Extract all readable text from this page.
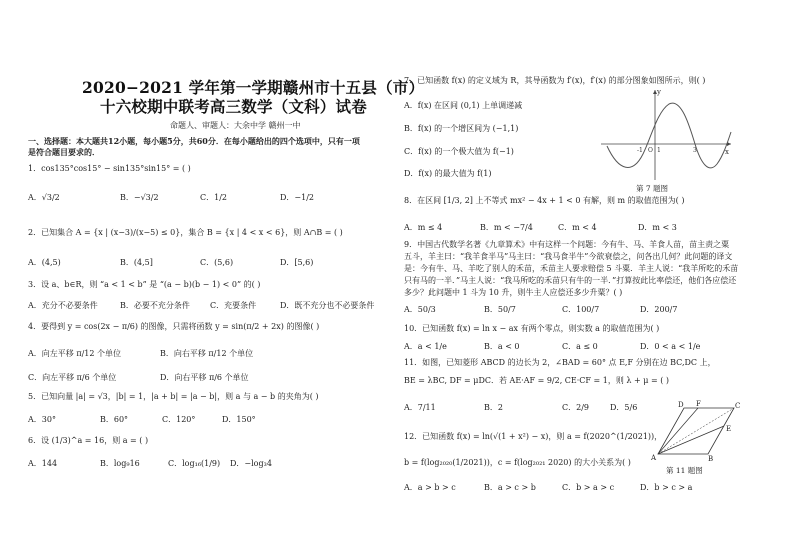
2020−2021 学年第一学期赣州市十五县（市）
十六校期中联考高三数学（文科）试卷
命题人、审题人：大余中学 赣州一中
一、选择题：本大题共12小题，每小题5分，共60分．在每小题给出的四个选项中，只有一项
是符合题目要求的．
1．cos135°cos15° − sin135°sin15° = ( )
A．√3/2	B．−√3/2	C．1/2	D．−1/2
2．已知集合 A = {x | (x−3)/(x−5) ≤ 0}，集合 B = {x | 4 < x < 6}，则 A∩B = ( )
A．(4,5)	B．(4,5]	C．(5,6)	D．[5,6)
3．设 a、b∈R，则 “a < 1 < b” 是 “(a − b)(b − 1) < 0” 的( )
A．充分不必要条件	B．必要不充分条件	C．充要条件	D．既不充分也不必要条件
4．要得到 y = cos(2x − π/6) 的图像，只需将函数 y = sin(π/2 + 2x) 的图像( )
A．向左平移 π/12 个单位	B．向右平移 π/12 个单位
C．向左平移 π/6 个单位	D．向右平移 π/6 个单位
5．已知向量 |a| = √3，|b| = 1，|a + b| = |a − b|，则 a 与 a − b 的夹角为( )
A．30°	B．60°	C．120°	D．150°
6．设 (1/3)^a = 16，则 a = ( )
A．144	B．log₉16	C．log₁₆(1/9) D．−log₃4
7．已知函数 f(x) 的定义域为 R，其导函数为 f′(x)，f′(x) 的部分图象如图所示，则( )
A．f(x) 在区间 (0,1) 上单调递减
B．f(x) 的一个增区间为 (−1,1)
C．f(x) 的一个极大值为 f(−1)
D．f(x) 的最大值为 f(1)
y
x
-1 O 1	3
第 7 题图
8．在区间 [1/3, 2] 上不等式 mx² − 4x + 1 < 0 有解，则 m 的取值范围为( )
A．m ≤ 4	B．m < −7/4	C．m < 4	D．m < 3
9．中国古代数学名著《九章算术》中有这样一个问题：今有牛、马、羊食人苗，苗主责之粟
五斗，羊主曰：“我羊食半马”马主曰：“我马食半牛”今欲衰偿之，问各出几何？此问题的译文
是：今有牛、马、羊吃了别人的禾苗，禾苗主人要求赔偿 5 斗粟．羊主人说：“我羊所吃的禾苗
只有马的一半．”马主人说：“我马所吃的禾苗只有牛的一半．”打算按此比率偿还，他们各应偿还
多少？此问题中 1 斗为 10 升，则牛主人应偿还多少升粟？( )
A．50/3	B．50/7	C．100/7	D．200/7
10．已知函数 f(x) = ln x − ax 有两个零点，则实数 a 的取值范围为( )
A．a < 1/e	B．a < 0	C．a ≤ 0	D．0 < a < 1/e
11．如图，已知菱形 ABCD 的边长为 2，∠BAD = 60° 点 E,F 分别在边 BC,DC 上，
BE = λBC, DF = μDC．若 AE·AF = 9/2, CE·CF = 1，则 λ + μ = ( )
A．7/11	B．2	C．2/9	D．5/6
A	B
C
D
E
F
12．已知函数 f(x) = ln(√(1 + x²) − x)，则 a = f(2020^(1/2021))，
b = f(log₂₀₂₀(1/2021))，c = f(log₂₀₂₁ 2020) 的大小关系为( )
第 11 题图
A．a > b > c	B．a > c > b	C．b > a > c	D．b > c > a
